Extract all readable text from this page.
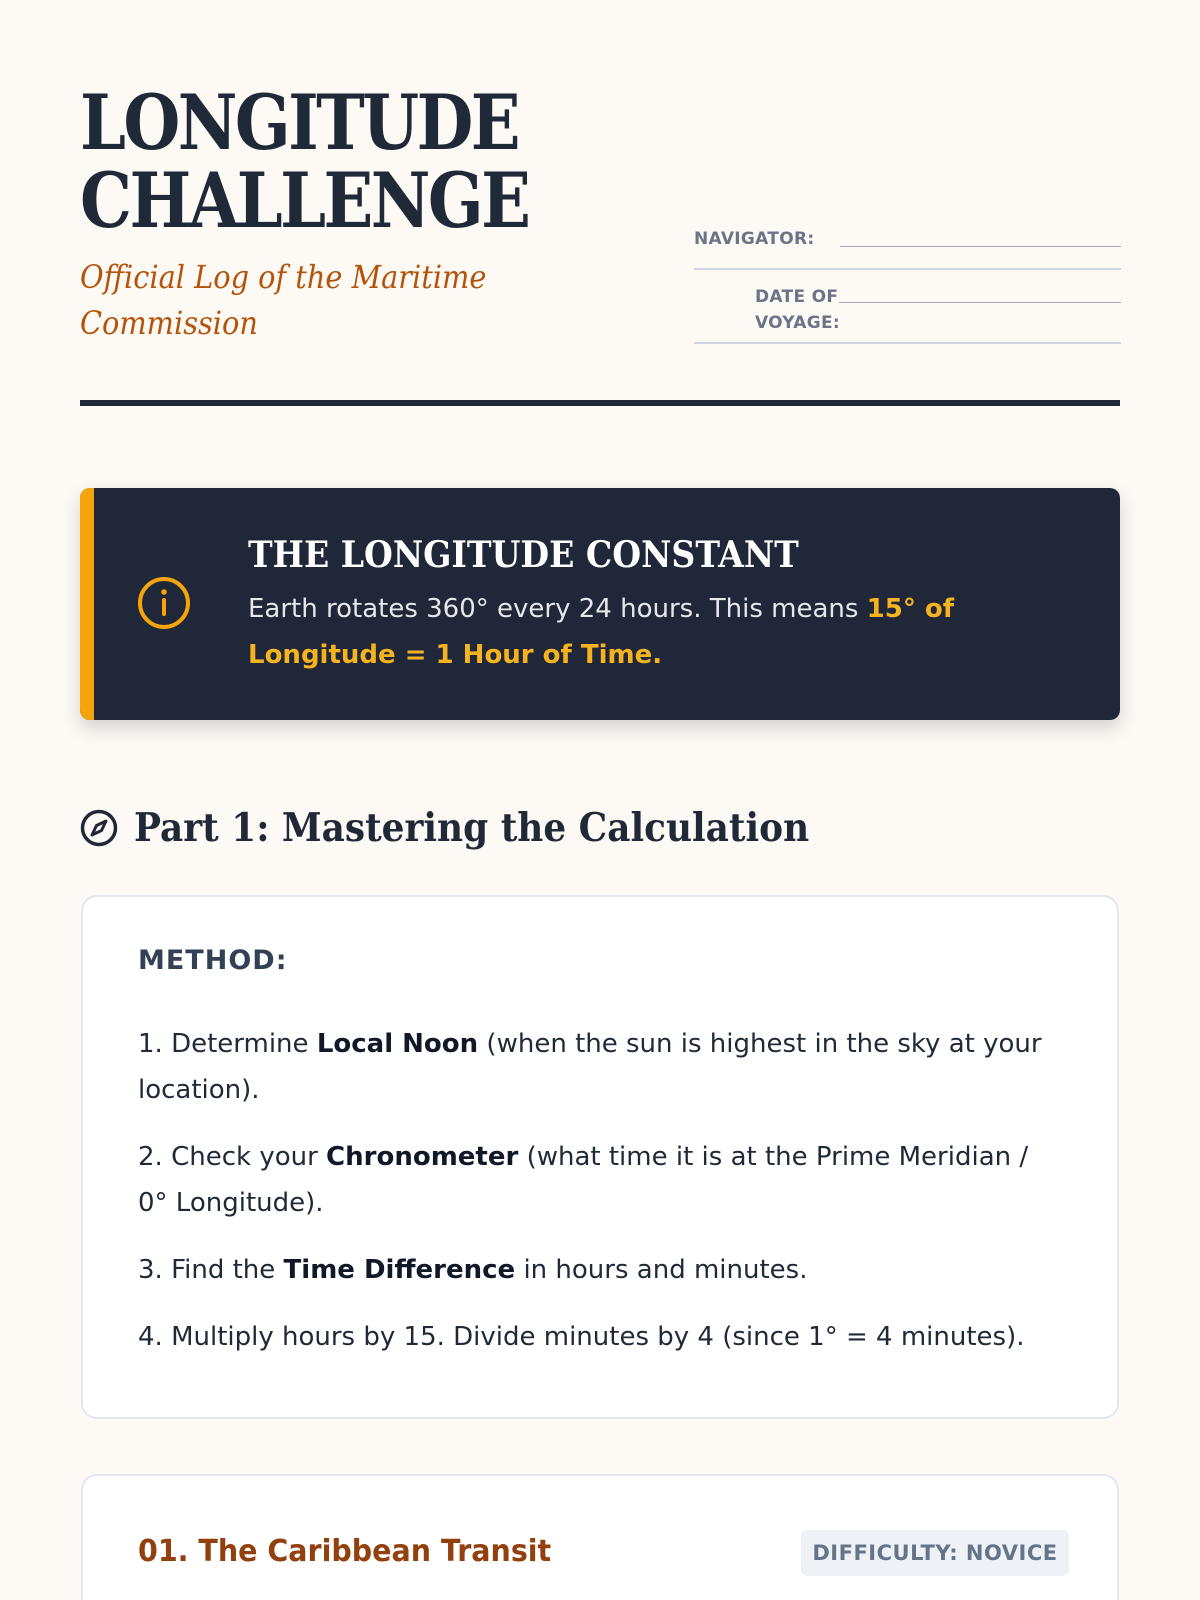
LONGITUDE
CHALLENGE

Official Log of the Maritime Commission

NAVIGATOR:
DATE OF VOYAGE:
THE LONGITUDE CONSTANT
Earth rotates 360° every 24 hours. This means 15° of Longitude = 1 Hour of Time.
Part 1: Mastering the Calculation
METHOD:
1. Determine Local Noon (when the sun is highest in the sky at your location).
2. Check your Chronometer (what time it is at the Prime Meridian / 0° Longitude).
3. Find the Time Difference in hours and minutes.
4. Multiply hours by 15. Divide minutes by 4 (since 1° = 4 minutes).
01. The Caribbean Transit	DIFFICULTY: NOVICE
